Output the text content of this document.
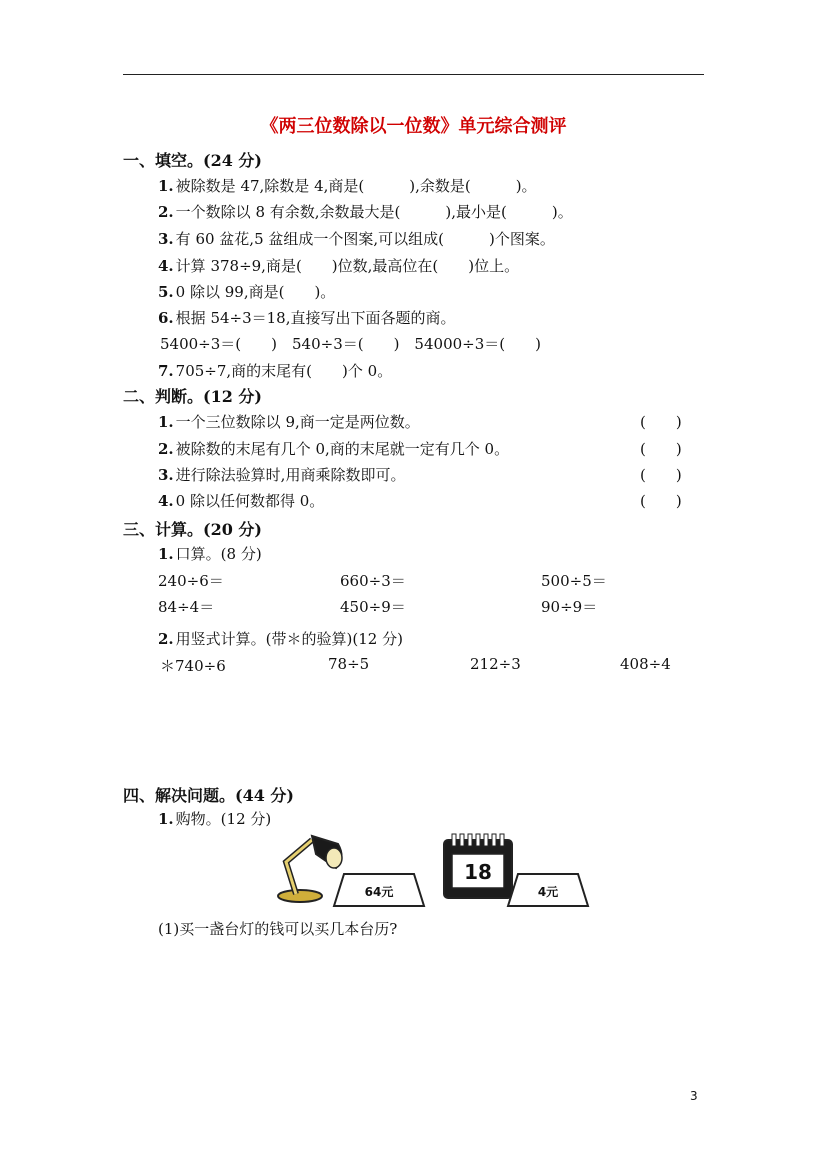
《两三位数除以一位数》单元综合测评
一、填空。(24 分)
1. 被除数是 47,除数是 4,商是(　　　),余数是(　　　)。
2. 一个数除以 8 有余数,余数最大是(　　　),最小是(　　　)。
3. 有 60 盆花,5 盆组成一个图案,可以组成(　　　)个图案。
4. 计算 378÷9,商是(　　)位数,最高位在(　　)位上。
5. 0 除以 99,商是(　　)。
6. 根据 54÷3＝18,直接写出下面各题的商。
5400÷3＝(　　)　540÷3＝(　　)　54000÷3＝(　　)
7. 705÷7,商的末尾有(　　)个 0。
二、判断。(12 分)
1. 一个三位数除以 9,商一定是两位数。	(　　)
2. 被除数的末尾有几个 0,商的末尾就一定有几个 0。	(　　)
3. 进行除法验算时,用商乘除数即可。	(　　)
4. 0 除以任何数都得 0。	(　　)
三、计算。(20 分)
1. 口算。(8 分)
240÷6＝	660÷3＝	500÷5＝
84÷4＝	450÷9＝	90÷9＝
2. 用竖式计算。(带＊的验算)(12 分)
＊740÷6	78÷5	212÷3	408÷4
四、解决问题。(44 分)
1. 购物。(12 分)
64元
18
4元
(1)买一盏台灯的钱可以买几本台历?
3
